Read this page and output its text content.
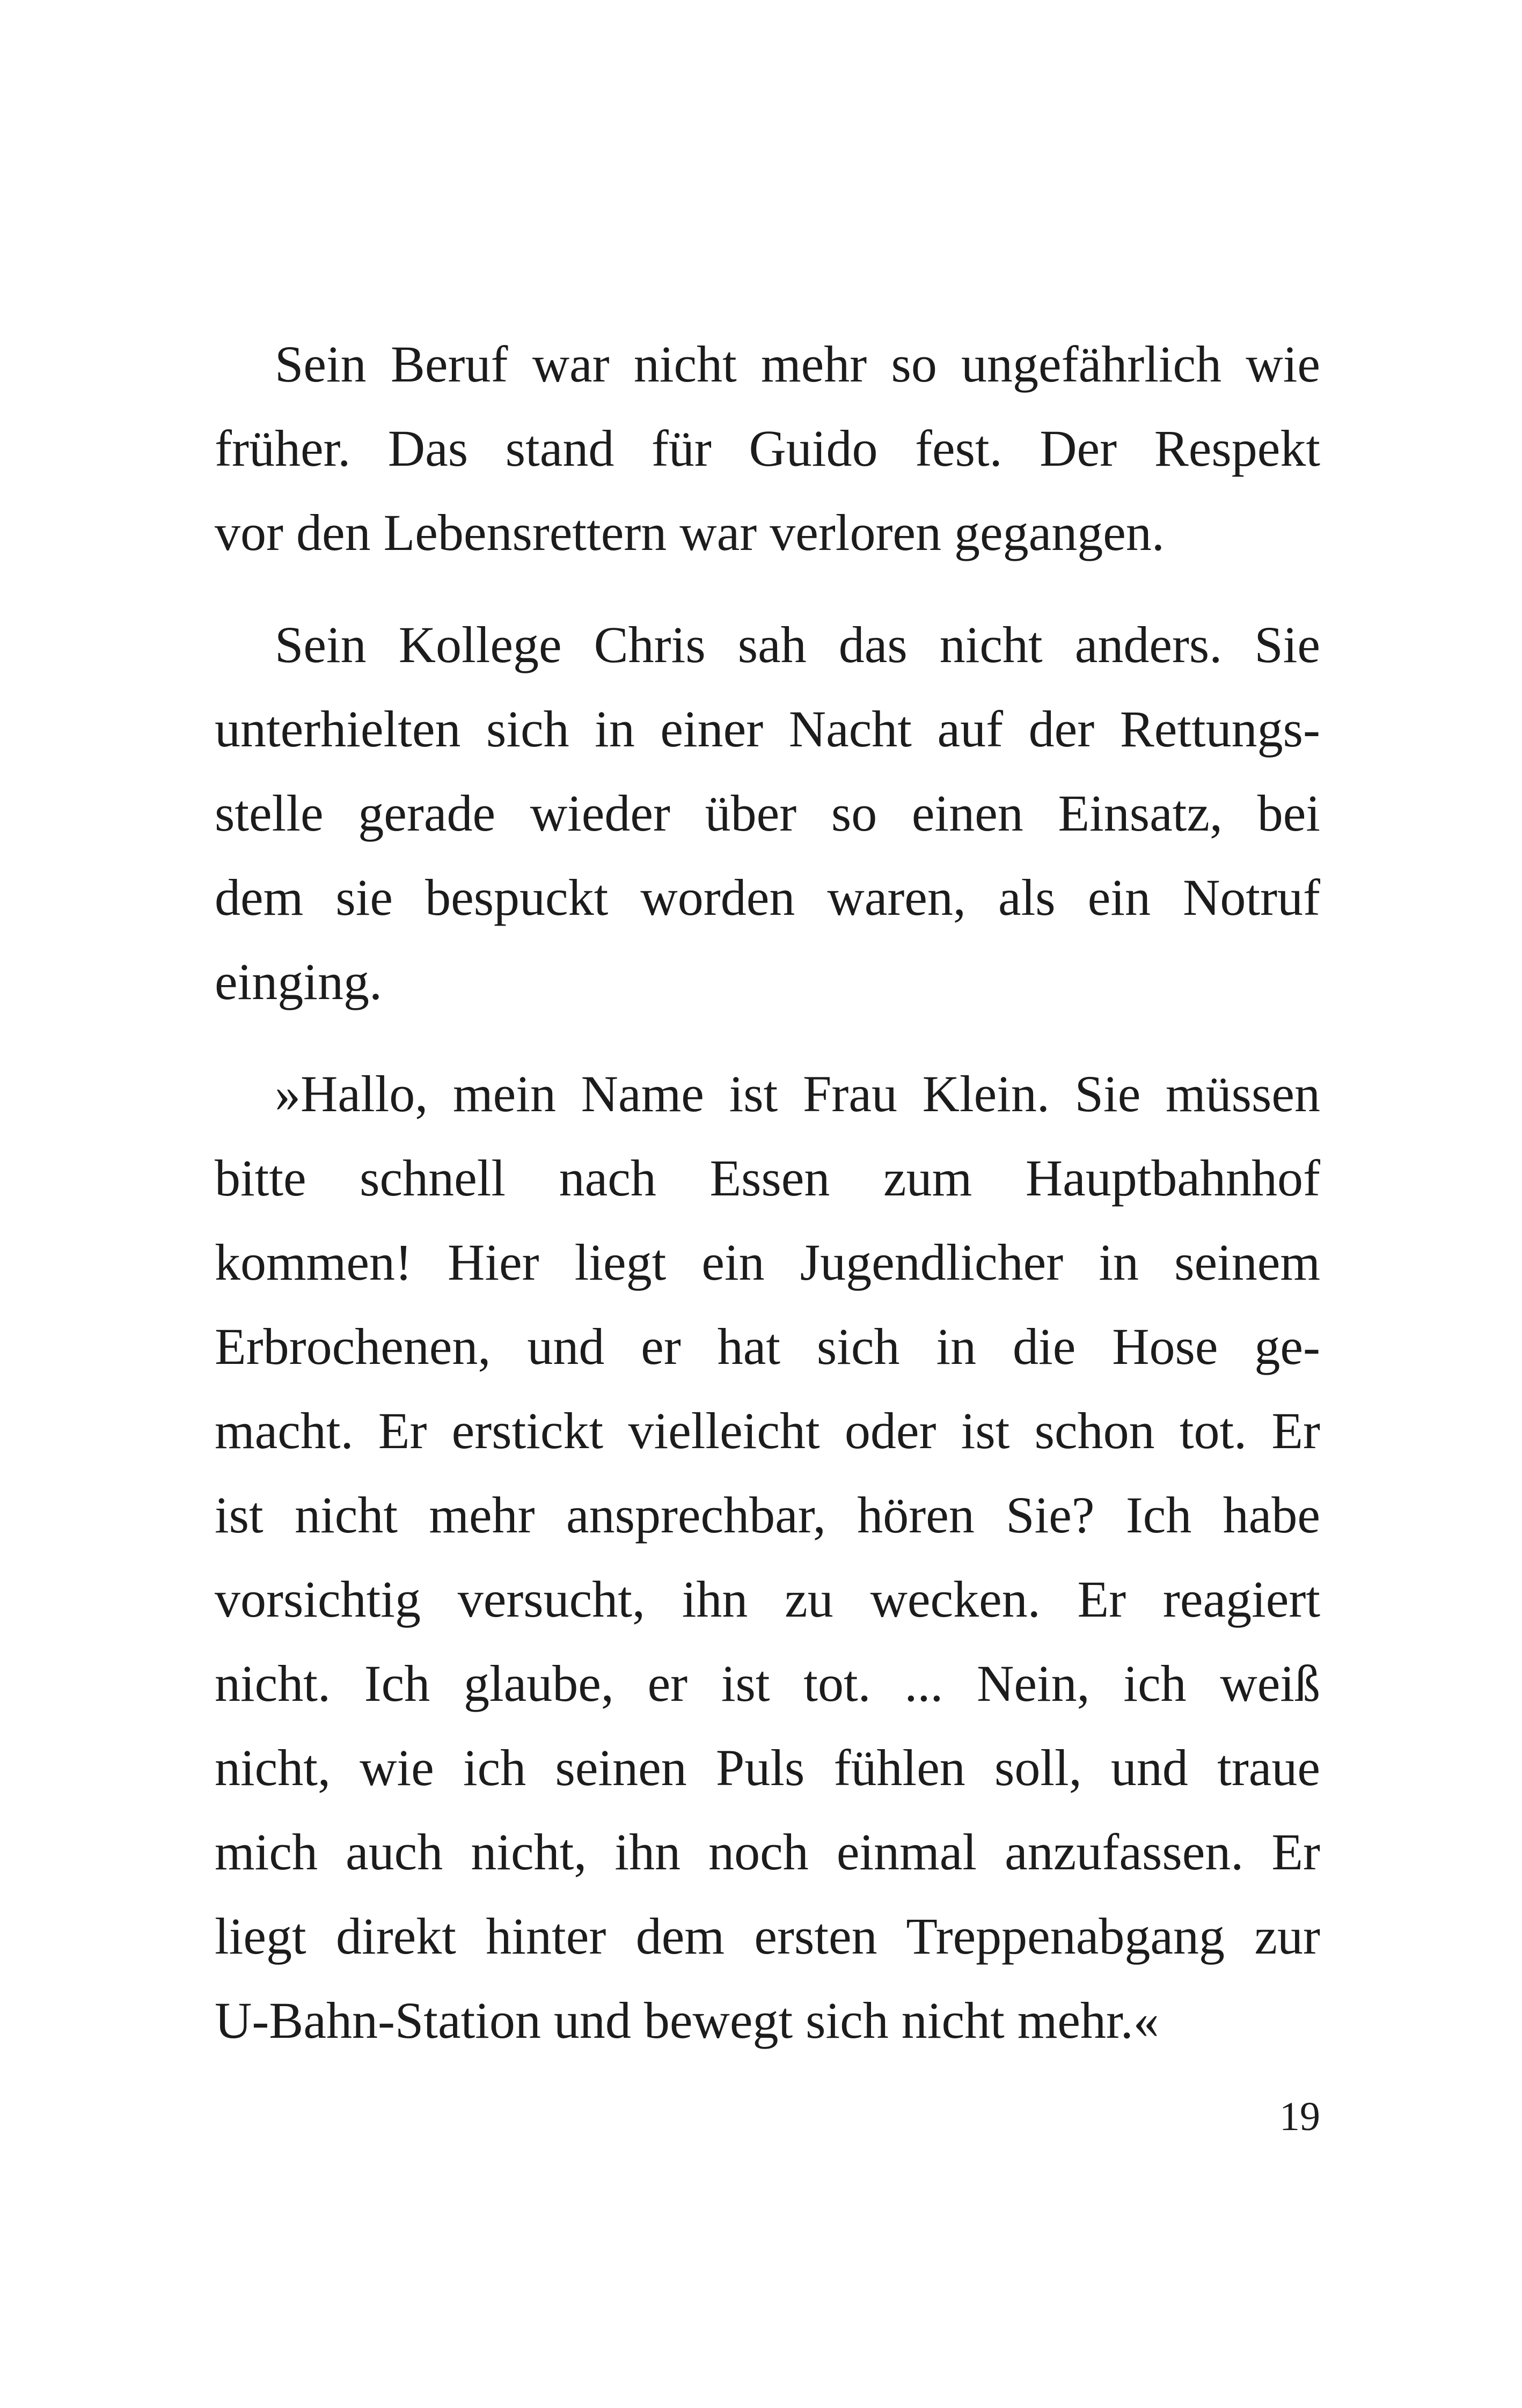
Sein Beruf war nicht mehr so ungefährlich wie
früher. Das stand für Guido fest. Der Respekt
vor den Lebensrettern war verloren gegangen.

Sein Kollege Chris sah das nicht anders. Sie
unterhielten sich in einer Nacht auf der Rettungs-
stelle gerade wieder über so einen Einsatz, bei
dem sie bespuckt worden waren, als ein Notruf
einging.

»Hallo, mein Name ist Frau Klein. Sie müssen
bitte schnell nach Essen zum Hauptbahnhof
kommen! Hier liegt ein Jugendlicher in seinem
Erbrochenen, und er hat sich in die Hose ge-
macht. Er erstickt vielleicht oder ist schon tot. Er
ist nicht mehr ansprechbar, hören Sie? Ich habe
vorsichtig versucht, ihn zu wecken. Er reagiert
nicht. Ich glaube, er ist tot. ... Nein, ich weiß
nicht, wie ich seinen Puls fühlen soll, und traue
mich auch nicht, ihn noch einmal anzufassen. Er
liegt direkt hinter dem ersten Treppenabgang zur
U-Bahn-Station und bewegt sich nicht mehr.«

19
